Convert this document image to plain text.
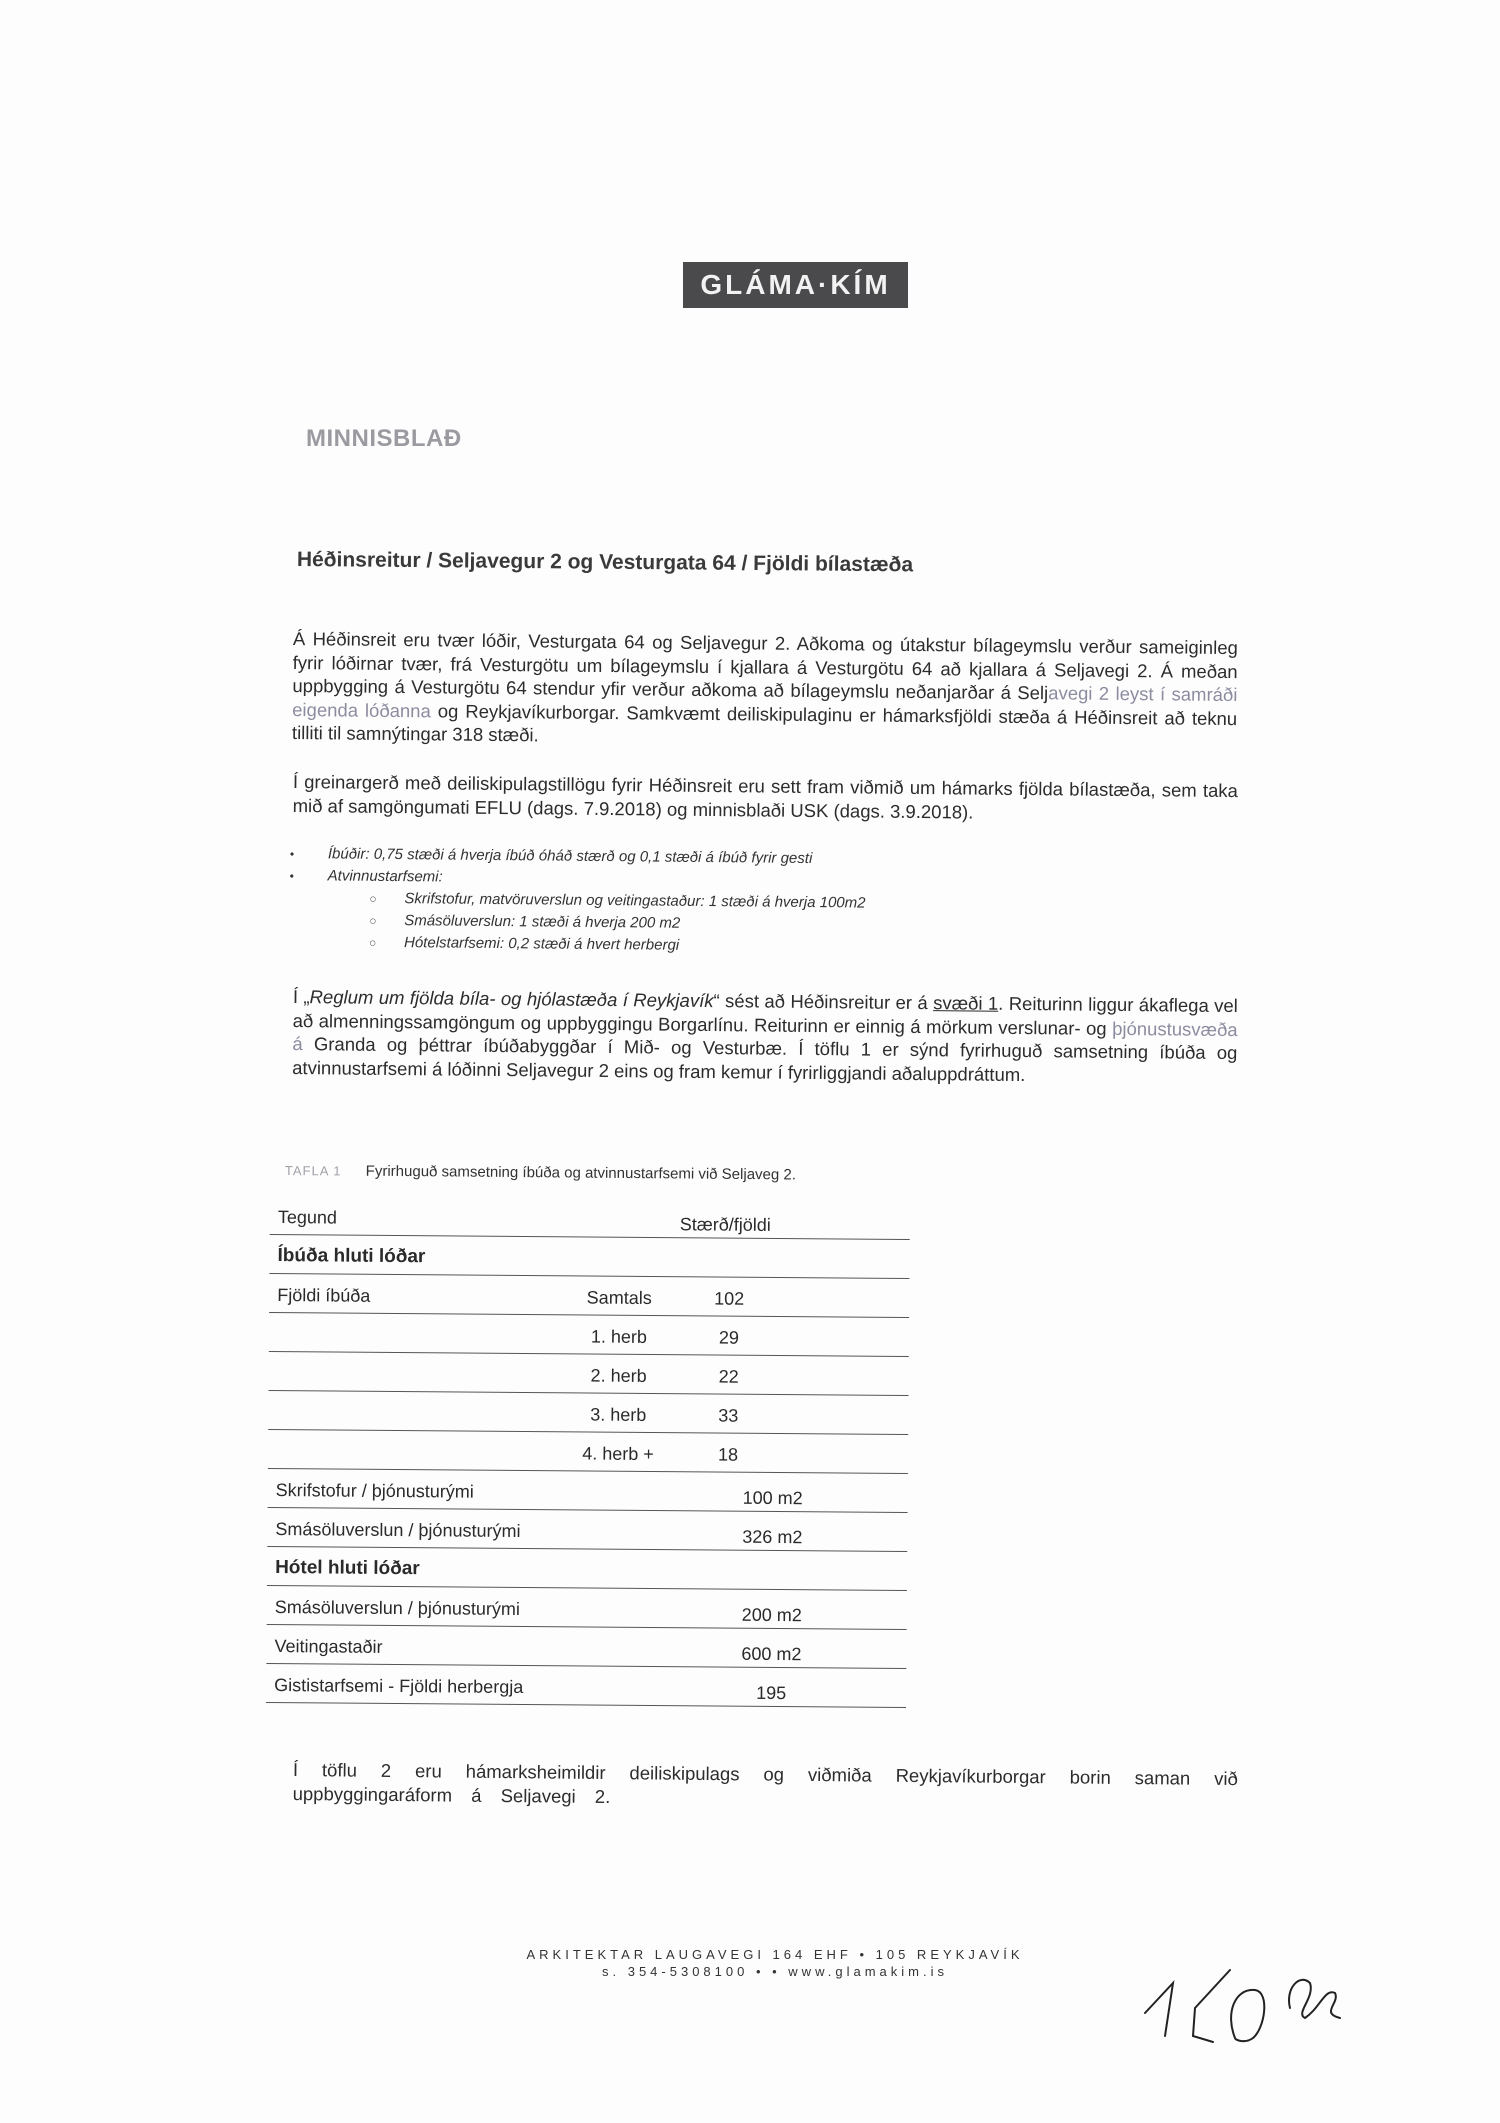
GLÁMA·KÍM
MINNISBLAÐ
Héðinsreitur / Seljavegur 2 og Vesturgata 64 / Fjöldi bílastæða

Á Héðinsreit eru tvær lóðir, Vesturgata 64 og Seljavegur 2. Aðkoma og útakstur bílageymslu verður sameiginleg fyrir lóðirnar tvær, frá Vesturgötu um bílageymslu í kjallara á Vesturgötu 64 að kjallara á Seljavegi 2. Á meðan uppbygging á Vesturgötu 64 stendur yfir verður aðkoma að bílageymslu neðanjarðar á Seljavegi 2 leyst í samráði eigenda lóðanna og Reykjavíkurborgar. Samkvæmt deiliskipulaginu er hámarksfjöldi stæða á Héðinsreit að teknu tilliti til samnýtingar 318 stæði.

Í greinargerð með deiliskipulagstillögu fyrir Héðinsreit eru sett fram viðmið um hámarks fjölda bílastæða, sem taka mið af samgöngumati EFLU (dags. 7.9.2018) og minnisblaði USK (dags. 3.9.2018).
• Íbúðir: 0,75 stæði á hverja íbúð óháð stærð og 0,1 stæði á íbúð fyrir gesti
• Atvinnustarfsemi:
○ Skrifstofur, matvöruverslun og veitingastaður: 1 stæði á hverja 100m2
○ Smásöluverslun: 1 stæði á hverja 200 m2
○ Hótelstarfsemi: 0,2 stæði á hvert herbergi

Í „Reglum um fjölda bíla- og hjólastæða í Reykjavík“ sést að Héðinsreitur er á svæði 1. Reiturinn liggur ákaflega vel að almenningssamgöngum og uppbyggingu Borgarlínu. Reiturinn er einnig á mörkum verslunar- og þjónustusvæða á Granda og þéttrar íbúðabyggðar í Mið- og Vesturbæ. Í töflu 1 er sýnd fyrirhuguð samsetning íbúða og atvinnustarfsemi á lóðinni Seljavegur 2 eins og fram kemur í fyrirliggjandi aðaluppdráttum.

TAFLA 1 Fyrirhuguð samsetning íbúða og atvinnustarfsemi við Seljaveg 2.
Tegund	Stærð/fjöldi
Íbúða hluti lóðar
Fjöldi íbúða	Samtals	102
1. herb	29
2. herb	22
3. herb	33
4. herb +	18
Skrifstofur / þjónusturými	100 m2
Smásöluverslun / þjónusturými	326 m2
Hótel hluti lóðar
Smásöluverslun / þjónusturými	200 m2
Veitingastaðir	600 m2
Gististarfsemi - Fjöldi herbergja	195
Í töflu 2 eru hámarksheimildir deiliskipulags og viðmiða Reykjavíkurborgar borin saman við uppbyggingaráform á Seljavegi 2.
ARKITEKTAR LAUGAVEGI 164 EHF • 105 REYKJAVÍK
s. 354-5308100 • • www.glamakim.is
